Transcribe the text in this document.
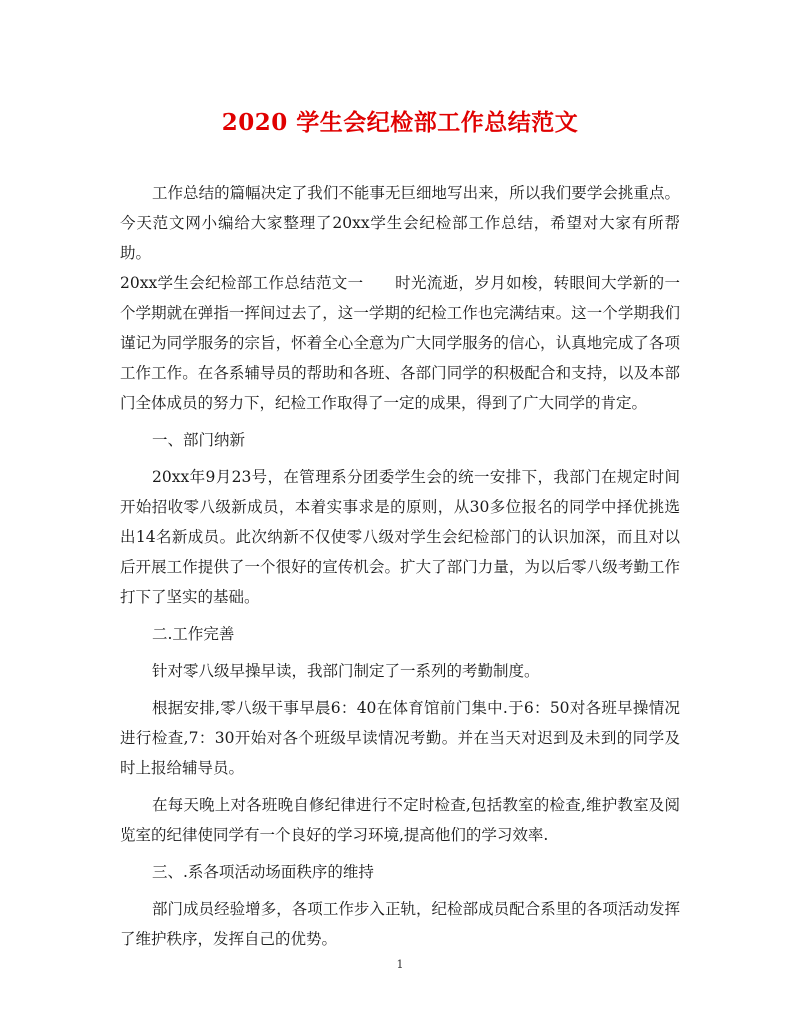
2020 学生会纪检部工作总结范文

工作总结的篇幅决定了我们不能事无巨细地写出来，所以我们要学会挑重点。今天范文网小编给大家整理了20xx学生会纪检部工作总结，希望对大家有所帮助。

20xx学生会纪检部工作总结范文一　　时光流逝，岁月如梭，转眼间大学新的一个学期就在弹指一挥间过去了，这一学期的纪检工作也完满结束。这一个学期我们谨记为同学服务的宗旨，怀着全心全意为广大同学服务的信心，认真地完成了各项工作工作。在各系辅导员的帮助和各班、各部门同学的积极配合和支持，以及本部门全体成员的努力下，纪检工作取得了一定的成果，得到了广大同学的肯定。

一、部门纳新

20xx年9月23号，在管理系分团委学生会的统一安排下，我部门在规定时间开始招收零八级新成员，本着实事求是的原则，从30多位报名的同学中择优挑选出14名新成员。此次纳新不仅使零八级对学生会纪检部门的认识加深，而且对以后开展工作提供了一个很好的宣传机会。扩大了部门力量，为以后零八级考勤工作打下了坚实的基础。

二.工作完善

针对零八级早操早读，我部门制定了一系列的考勤制度。

根据安排,零八级干事早晨6：40在体育馆前门集中.于6：50对各班早操情况进行检查,7：30开始对各个班级早读情况考勤。并在当天对迟到及未到的同学及时上报给辅导员。

在每天晚上对各班晚自修纪律进行不定时检查,包括教室的检查,维护教室及阅览室的纪律使同学有一个良好的学习环境,提高他们的学习效率.

三、.系各项活动场面秩序的维持

部门成员经验增多，各项工作步入正轨，纪检部成员配合系里的各项活动发挥了维护秩序，发挥自己的优势。

1
